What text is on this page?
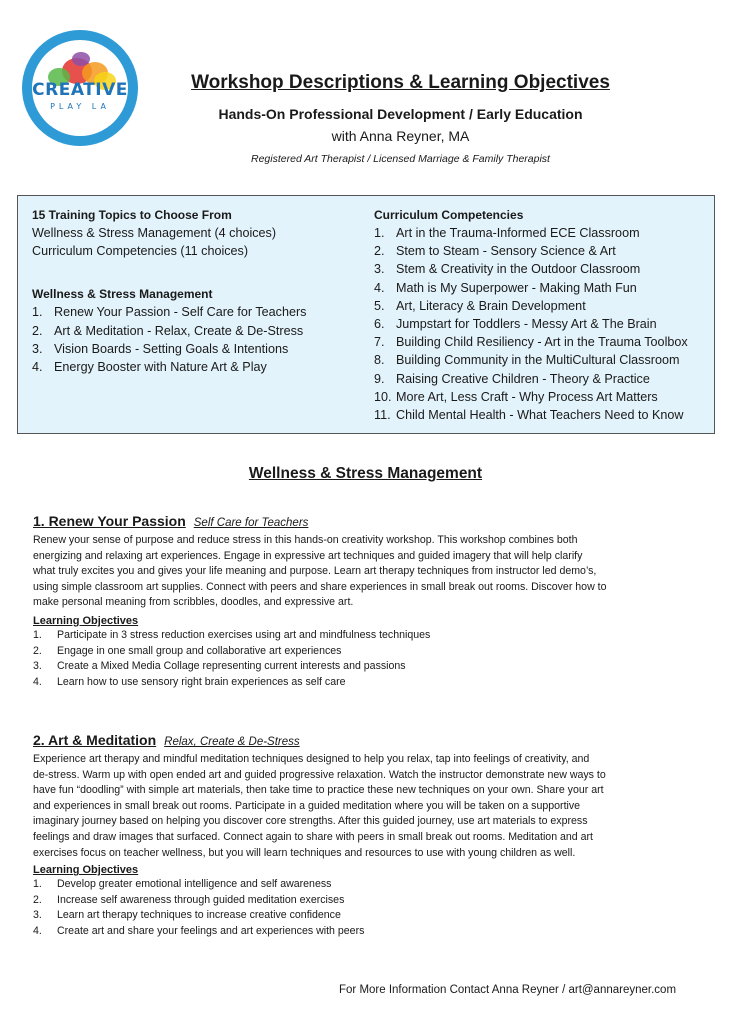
CREATIVE
PLAY LA
Workshop Descriptions & Learning Objectives
Hands-On Professional Development / Early Education
with Anna Reyner, MA
Registered Art Therapist / Licensed Marriage & Family Therapist
15 Training Topics to Choose From
Wellness & Stress Management (4 choices)
Curriculum Competencies (11 choices)
Wellness & Stress Management
1. Renew Your Passion - Self Care for Teachers
2. Art & Meditation - Relax, Create & De-Stress
3. Vision Boards - Setting Goals & Intentions
4. Energy Booster with Nature Art & Play
Curriculum Competencies
1. Art in the Trauma-Informed ECE Classroom
2. Stem to Steam - Sensory Science & Art
3. Stem & Creativity in the Outdoor Classroom
4. Math is My Superpower - Making Math Fun
5. Art, Literacy & Brain Development
6. Jumpstart for Toddlers - Messy Art & The Brain
7. Building Child Resiliency - Art in the Trauma Toolbox
8. Building Community in the MultiCultural Classroom
9. Raising Creative Children - Theory & Practice
10. More Art, Less Craft - Why Process Art Matters
11. Child Mental Health - What Teachers Need to Know
Wellness & Stress Management
1. Renew Your Passion Self Care for Teachers
Renew your sense of purpose and reduce stress in this hands-on creativity workshop. This workshop combines both
energizing and relaxing art experiences. Engage in expressive art techniques and guided imagery that will help clarify
what truly excites you and gives your life meaning and purpose. Learn art therapy techniques from instructor led demo’s,
using simple classroom art supplies. Connect with peers and share experiences in small break out rooms. Discover how to
make personal meaning from scribbles, doodles, and expressive art.
Learning Objectives
1. Participate in 3 stress reduction exercises using art and mindfulness techniques
2. Engage in one small group and collaborative art experiences
3. Create a Mixed Media Collage representing current interests and passions
4. Learn how to use sensory right brain experiences as self care
2. Art & Meditation Relax, Create & De-Stress
Experience art therapy and mindful meditation techniques designed to help you relax, tap into feelings of creativity, and
de-stress. Warm up with open ended art and guided progressive relaxation. Watch the instructor demonstrate new ways to
have fun “doodling” with simple art materials, then take time to practice these new techniques on your own. Share your art
and experiences in small break out rooms. Participate in a guided meditation where you will be taken on a supportive
imaginary journey based on helping you discover core strengths. After this guided journey, use art materials to express
feelings and draw images that surfaced. Connect again to share with peers in small break out rooms. Meditation and art
exercises focus on teacher wellness, but you will learn techniques and resources to use with young children as well.
Learning Objectives
1. Develop greater emotional intelligence and self awareness
2. Increase self awareness through guided meditation exercises
3. Learn art therapy techniques to increase creative confidence
4. Create art and share your feelings and art experiences with peers
For More Information Contact Anna Reyner / art@annareyner.com
